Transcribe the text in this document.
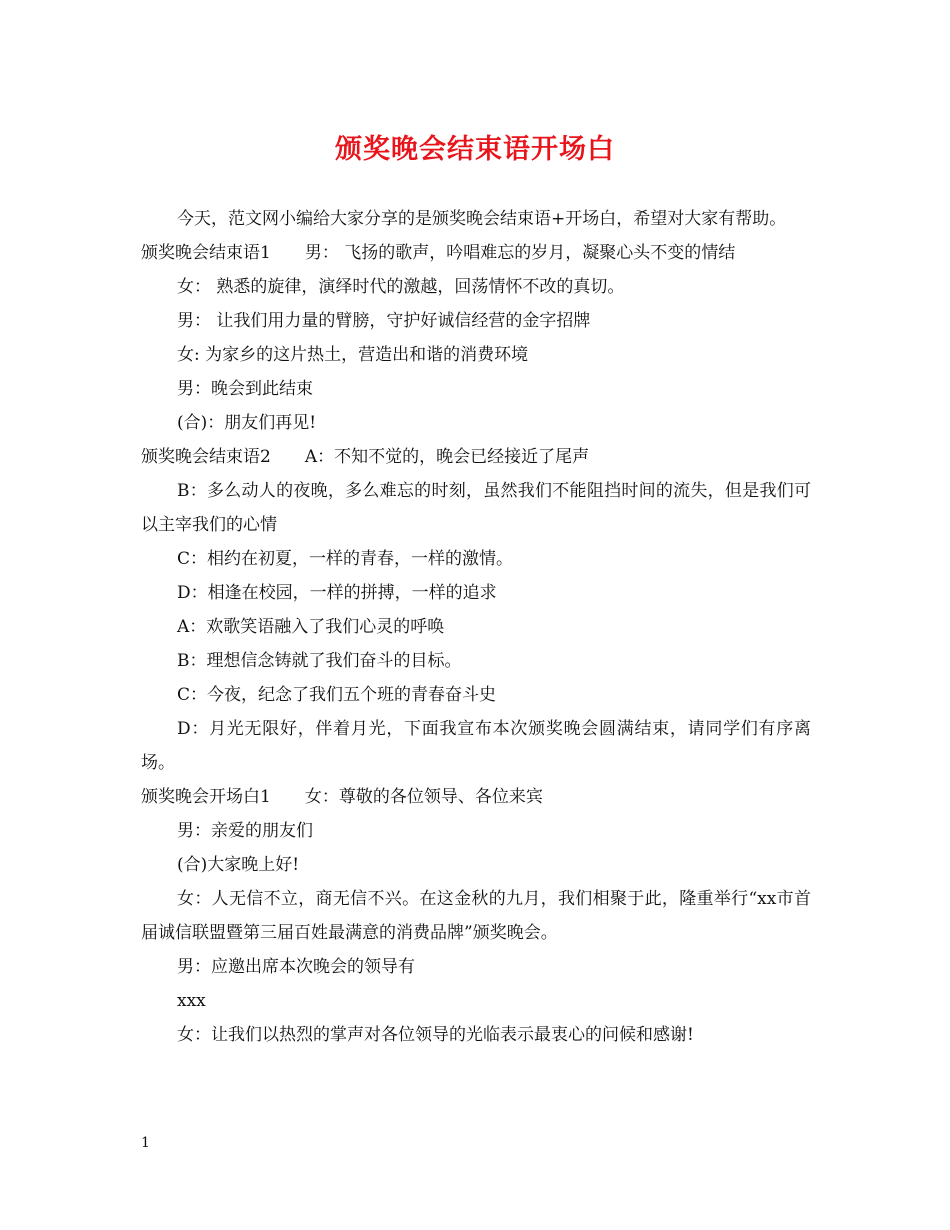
颁奖晚会结束语开场白

今天，范文网小编给大家分享的是颁奖晚会结束语+开场白，希望对大家有帮助。

颁奖晚会结束语1 男： 飞扬的歌声，吟唱难忘的岁月，凝聚心头不变的情结

女： 熟悉的旋律，演绎时代的激越，回荡情怀不改的真切。

男： 让我们用力量的臂膀，守护好诚信经营的金字招牌

女: 为家乡的这片热土，营造出和谐的消费环境

男：晚会到此结束

(合)：朋友们再见!

颁奖晚会结束语2 A：不知不觉的，晚会已经接近了尾声

B：多么动人的夜晚，多么难忘的时刻，虽然我们不能阻挡时间的流失，但是我们可以主宰我们的心情

C：相约在初夏，一样的青春，一样的激情。

D：相逢在校园，一样的拼搏，一样的追求

A：欢歌笑语融入了我们心灵的呼唤

B：理想信念铸就了我们奋斗的目标。

C：今夜，纪念了我们五个班的青春奋斗史

D：月光无限好，伴着月光，下面我宣布本次颁奖晚会圆满结束，请同学们有序离场。

颁奖晚会开场白1 女：尊敬的各位领导、各位来宾

男：亲爱的朋友们

(合)大家晚上好!

女：人无信不立，商无信不兴。在这金秋的九月，我们相聚于此，隆重举行“xx市首届诚信联盟暨第三届百姓最满意的消费品牌”颁奖晚会。

男：应邀出席本次晚会的领导有

xxx

女：让我们以热烈的掌声对各位领导的光临表示最衷心的问候和感谢!

1
